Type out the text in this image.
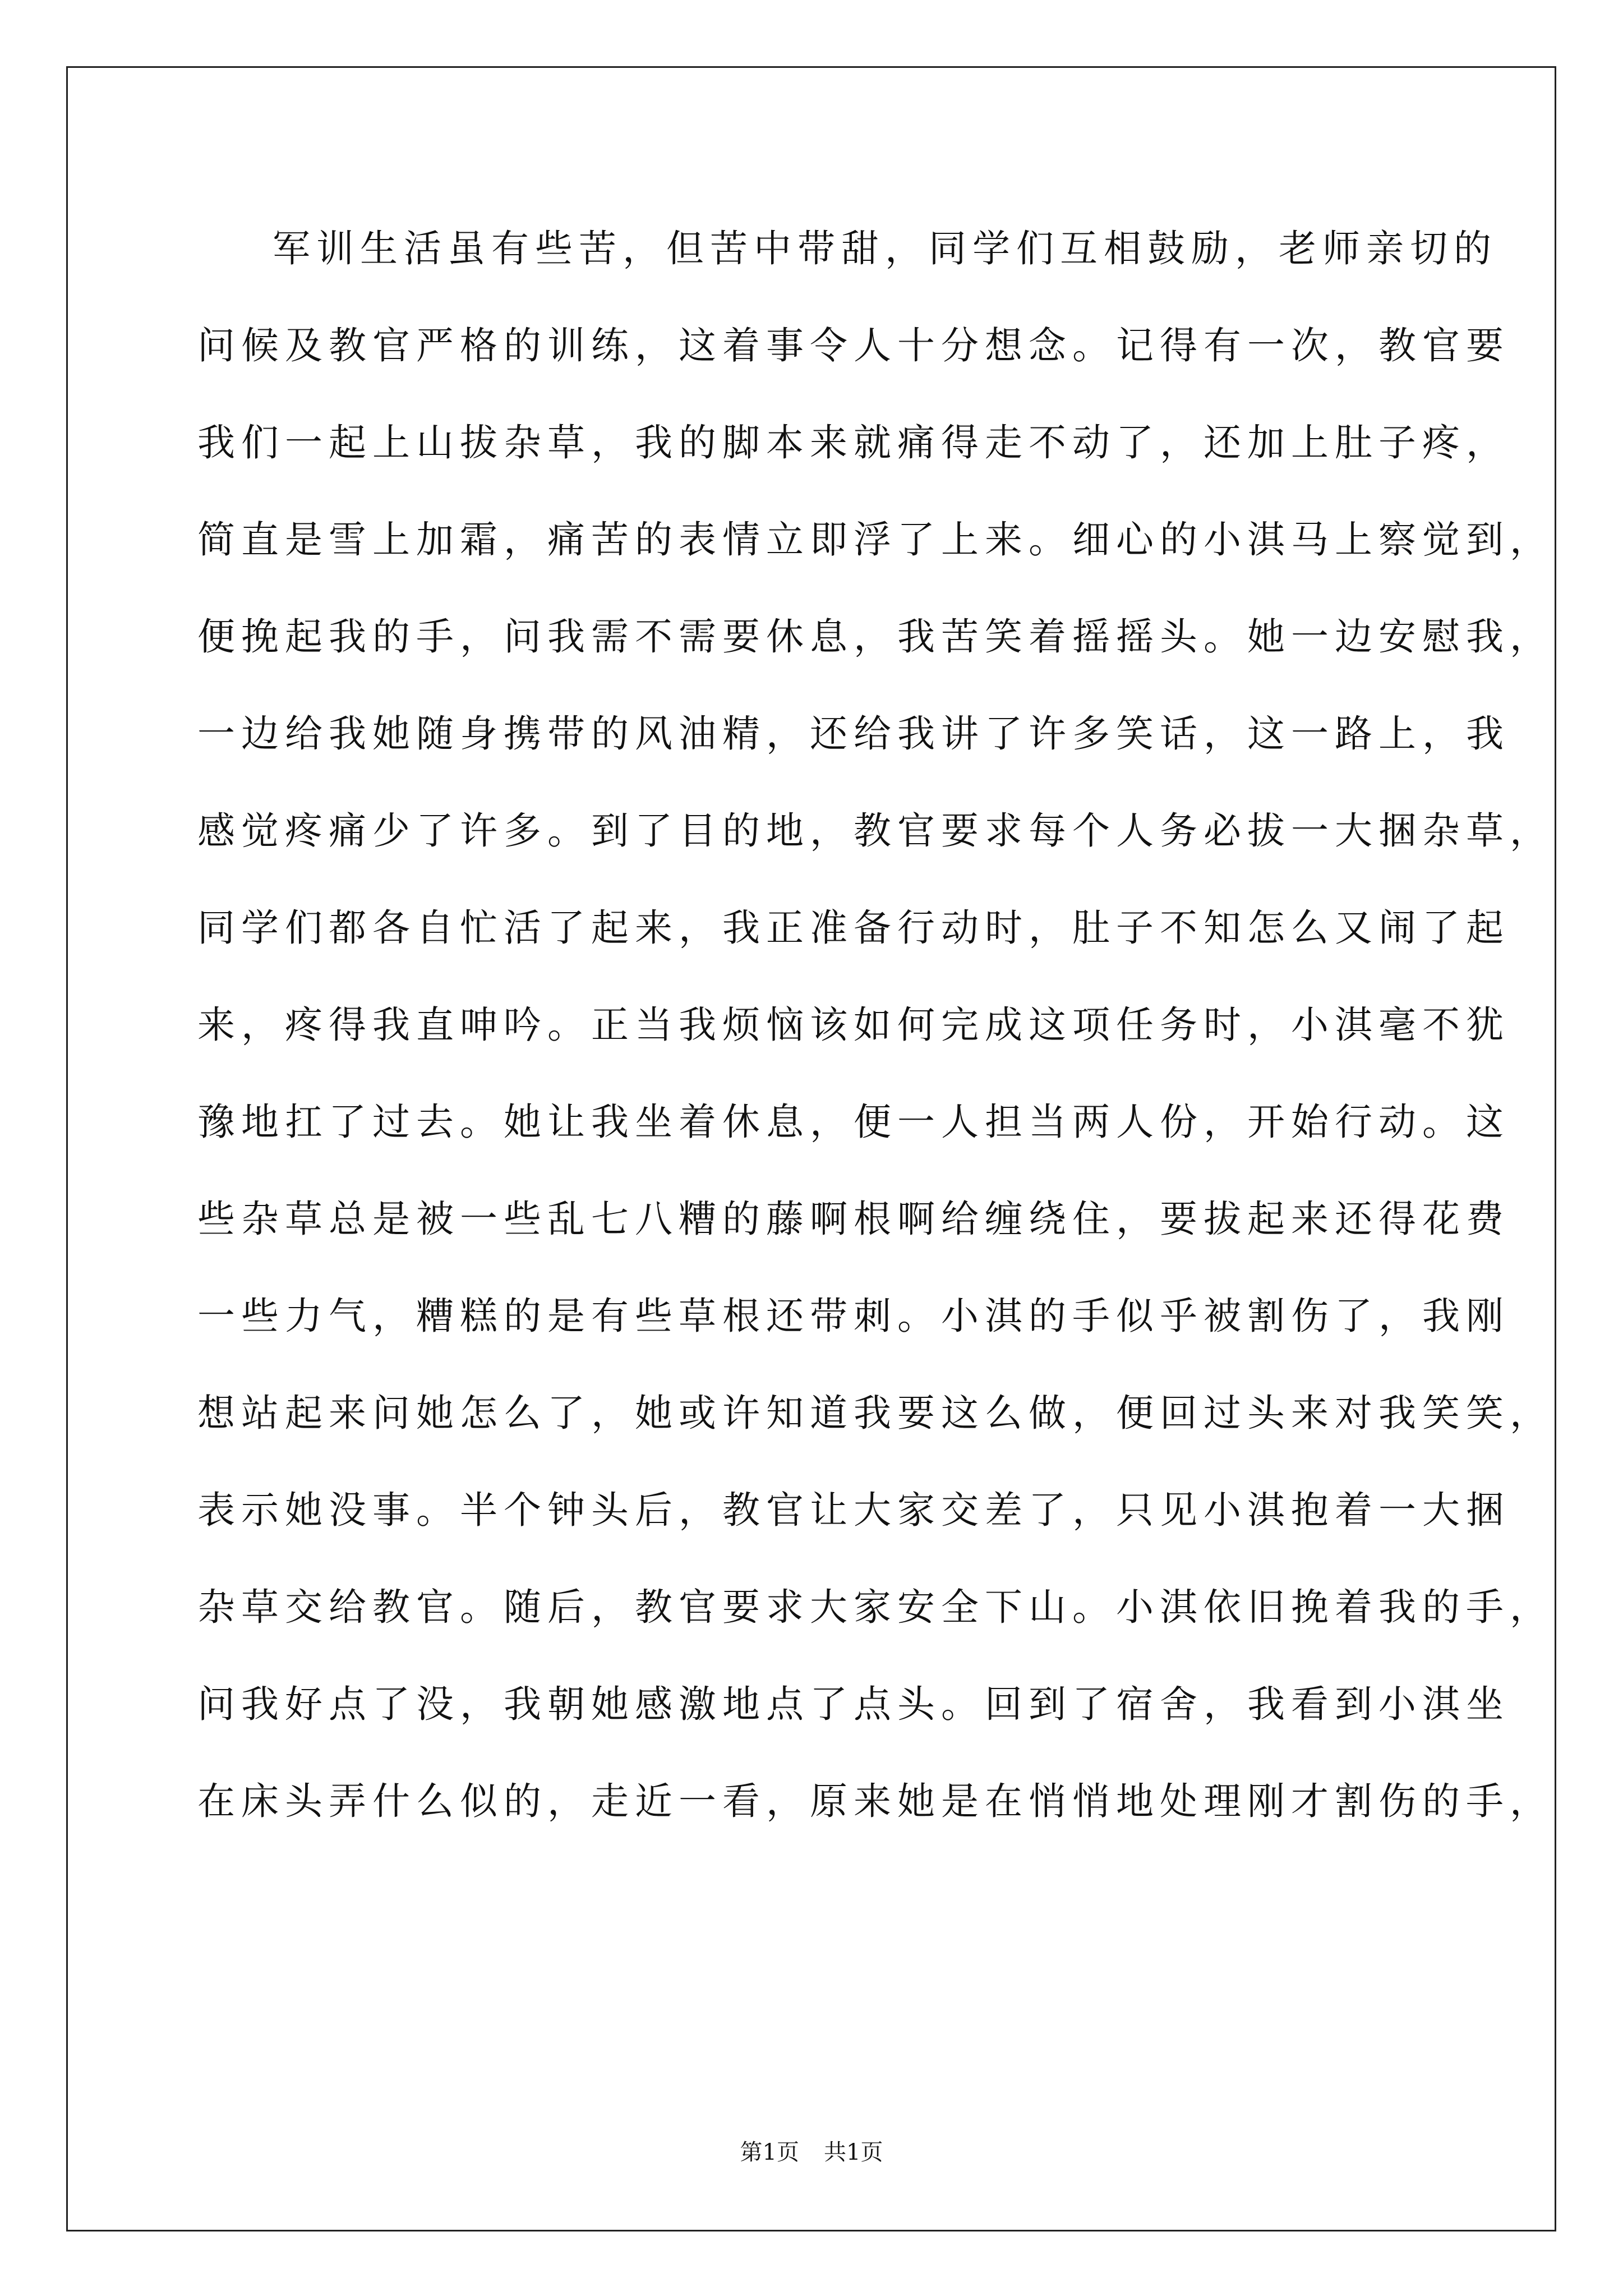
军训生活虽有些苦，但苦中带甜，同学们互相鼓励，老师亲切的
问候及教官严格的训练，这着事令人十分想念。记得有一次，教官要
我们一起上山拔杂草，我的脚本来就痛得走不动了，还加上肚子疼，
简直是雪上加霜，痛苦的表情立即浮了上来。细心的小淇马上察觉到，
便挽起我的手，问我需不需要休息，我苦笑着摇摇头。她一边安慰我，
一边给我她随身携带的风油精，还给我讲了许多笑话，这一路上，我
感觉疼痛少了许多。到了目的地，教官要求每个人务必拔一大捆杂草，
同学们都各自忙活了起来，我正准备行动时，肚子不知怎么又闹了起
来，疼得我直呻吟。正当我烦恼该如何完成这项任务时，小淇毫不犹
豫地扛了过去。她让我坐着休息，便一人担当两人份，开始行动。这
些杂草总是被一些乱七八糟的藤啊根啊给缠绕住，要拔起来还得花费
一些力气，糟糕的是有些草根还带刺。小淇的手似乎被割伤了，我刚
想站起来问她怎么了，她或许知道我要这么做，便回过头来对我笑笑，
表示她没事。半个钟头后，教官让大家交差了，只见小淇抱着一大捆
杂草交给教官。随后，教官要求大家安全下山。小淇依旧挽着我的手，
问我好点了没，我朝她感激地点了点头。回到了宿舍，我看到小淇坐
在床头弄什么似的，走近一看，原来她是在悄悄地处理刚才割伤的手，
第1页 共1页
